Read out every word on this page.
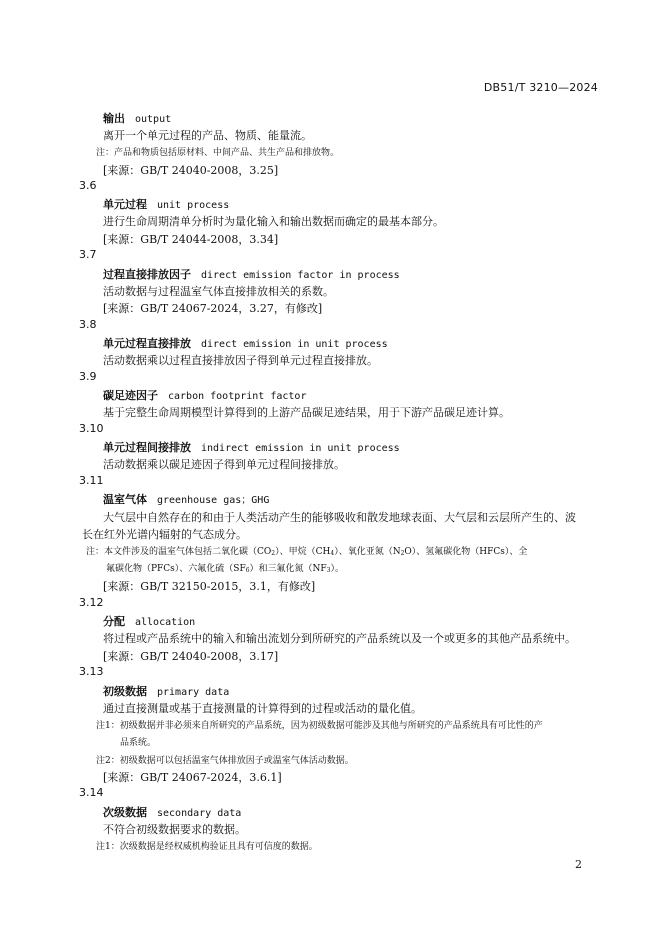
DB51/T 3210—2024
输出 output
离开一个单元过程的产品、物质、能量流。
注：产品和物质包括原材料、中间产品、共生产品和排放物。
[来源：GB/T 24040-2008，3.25]
3.6
单元过程 unit process
进行生命周期清单分析时为量化输入和输出数据而确定的最基本部分。
[来源：GB/T 24044-2008，3.34]
3.7
过程直接排放因子 direct emission factor in process
活动数据与过程温室气体直接排放相关的系数。
[来源：GB/T 24067-2024，3.27，有修改]
3.8
单元过程直接排放 direct emission in unit process
活动数据乘以过程直接排放因子得到单元过程直接排放。
3.9
碳足迹因子 carbon footprint factor
基于完整生命周期模型计算得到的上游产品碳足迹结果，用于下游产品碳足迹计算。
3.10
单元过程间接排放 indirect emission in unit process
活动数据乘以碳足迹因子得到单元过程间接排放。
3.11
温室气体 greenhouse gas；GHG
大气层中自然存在的和由于人类活动产生的能够吸收和散发地球表面、大气层和云层所产生的、波
长在红外光谱内辐射的气态成分。
注：本文件涉及的温室气体包括二氧化碳$(CO_2)$、甲烷$(CH_4)$、氧化亚氮$(N_2O)$、氢氟碳化物（HFCs）、全
氟碳化物（PFCs）、六氟化硫$(SF_6)$和三氟化氮$(NF_3)$。
[来源：GB/T 32150-2015，3.1，有修改]
3.12
分配 allocation
将过程或产品系统中的输入和输出流划分到所研究的产品系统以及一个或更多的其他产品系统中。
[来源：GB/T 24040-2008，3.17]
3.13
初级数据 primary data
通过直接测量或基于直接测量的计算得到的过程或活动的量化值。
注1：初级数据并非必须来自所研究的产品系统，因为初级数据可能涉及其他与所研究的产品系统具有可比性的产
品系统。
注2：初级数据可以包括温室气体排放因子或温室气体活动数据。
[来源：GB/T 24067-2024，3.6.1]
3.14
次级数据 secondary data
不符合初级数据要求的数据。
注1：次级数据是经权威机构验证且具有可信度的数据。
2
